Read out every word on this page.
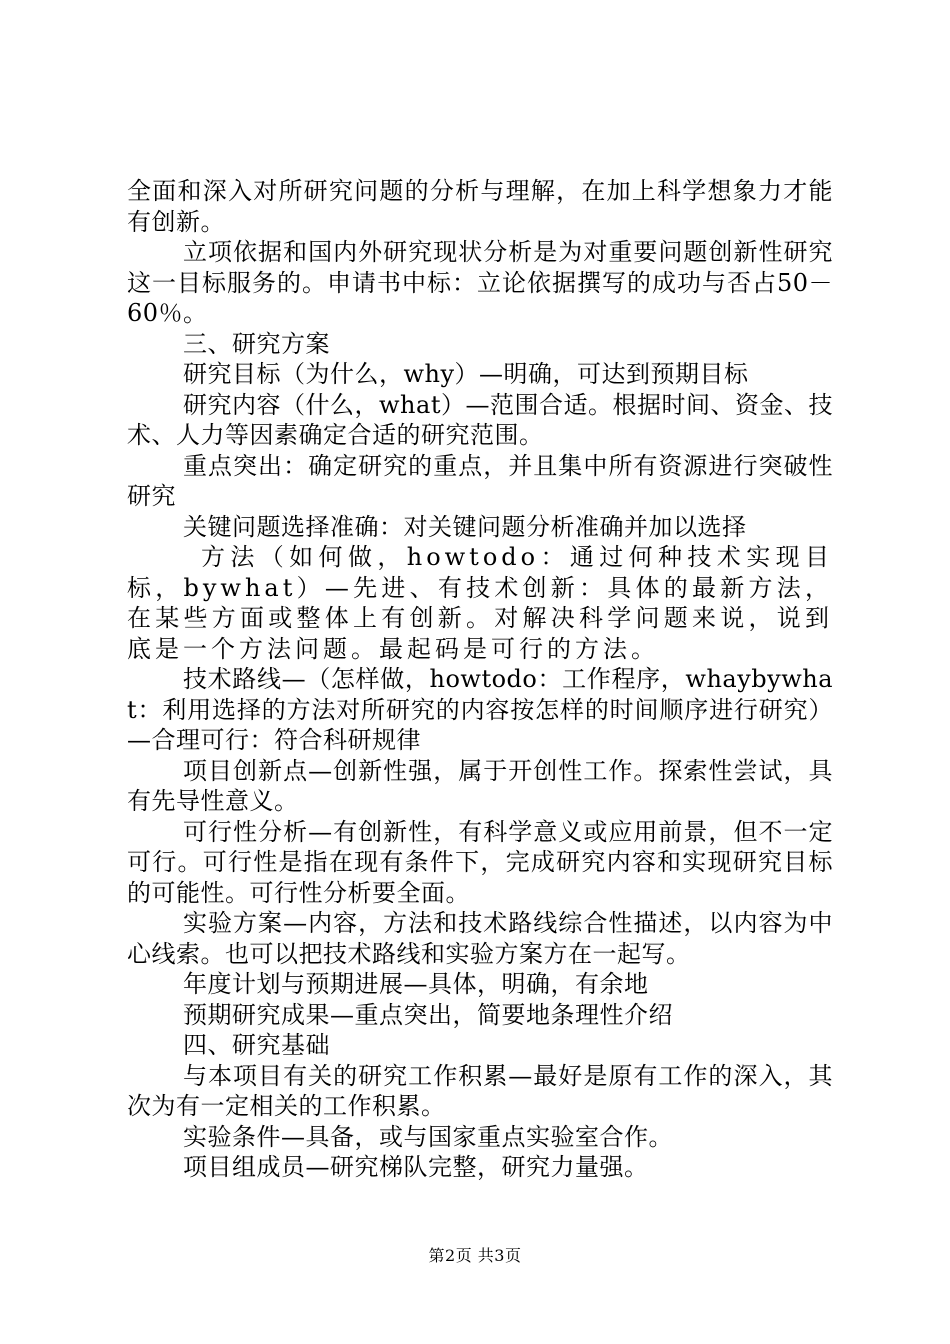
全面和深入对所研究问题的分析与理解，在加上科学想象力才能有创新。

立项依据和国内外研究现状分析是为对重要问题创新性研究这一目标服务的。申请书中标：立论依据撰写的成功与否占50－60％。

三、研究方案

研究目标（为什么，why）—明确，可达到预期目标

研究内容（什么，what）—范围合适。根据时间、资金、技术、人力等因素确定合适的研究范围。

重点突出：确定研究的重点，并且集中所有资源进行突破性研究

关键问题选择准确：对关键问题分析准确并加以选择

方法（如何做，howtodo：通过何种技术实现目标，bywhat）—先进、有技术创新：具体的最新方法，在某些方面或整体上有创新。对解决科学问题来说，说到底是一个方法问题。最起码是可行的方法。

技术路线—（怎样做，howtodo：工作程序，whaybywhat：利用选择的方法对所研究的内容按怎样的时间顺序进行研究）—合理可行：符合科研规律

项目创新点—创新性强，属于开创性工作。探索性尝试，具有先导性意义。

可行性分析—有创新性，有科学意义或应用前景，但不一定可行。可行性是指在现有条件下，完成研究内容和实现研究目标的可能性。可行性分析要全面。

实验方案—内容，方法和技术路线综合性描述，以内容为中心线索。也可以把技术路线和实验方案方在一起写。

年度计划与预期进展—具体，明确，有余地

预期研究成果—重点突出，简要地条理性介绍

四、研究基础

与本项目有关的研究工作积累—最好是原有工作的深入，其次为有一定相关的工作积累。

实验条件—具备，或与国家重点实验室合作。

项目组成员—研究梯队完整，研究力量强。

第2页 共3页
